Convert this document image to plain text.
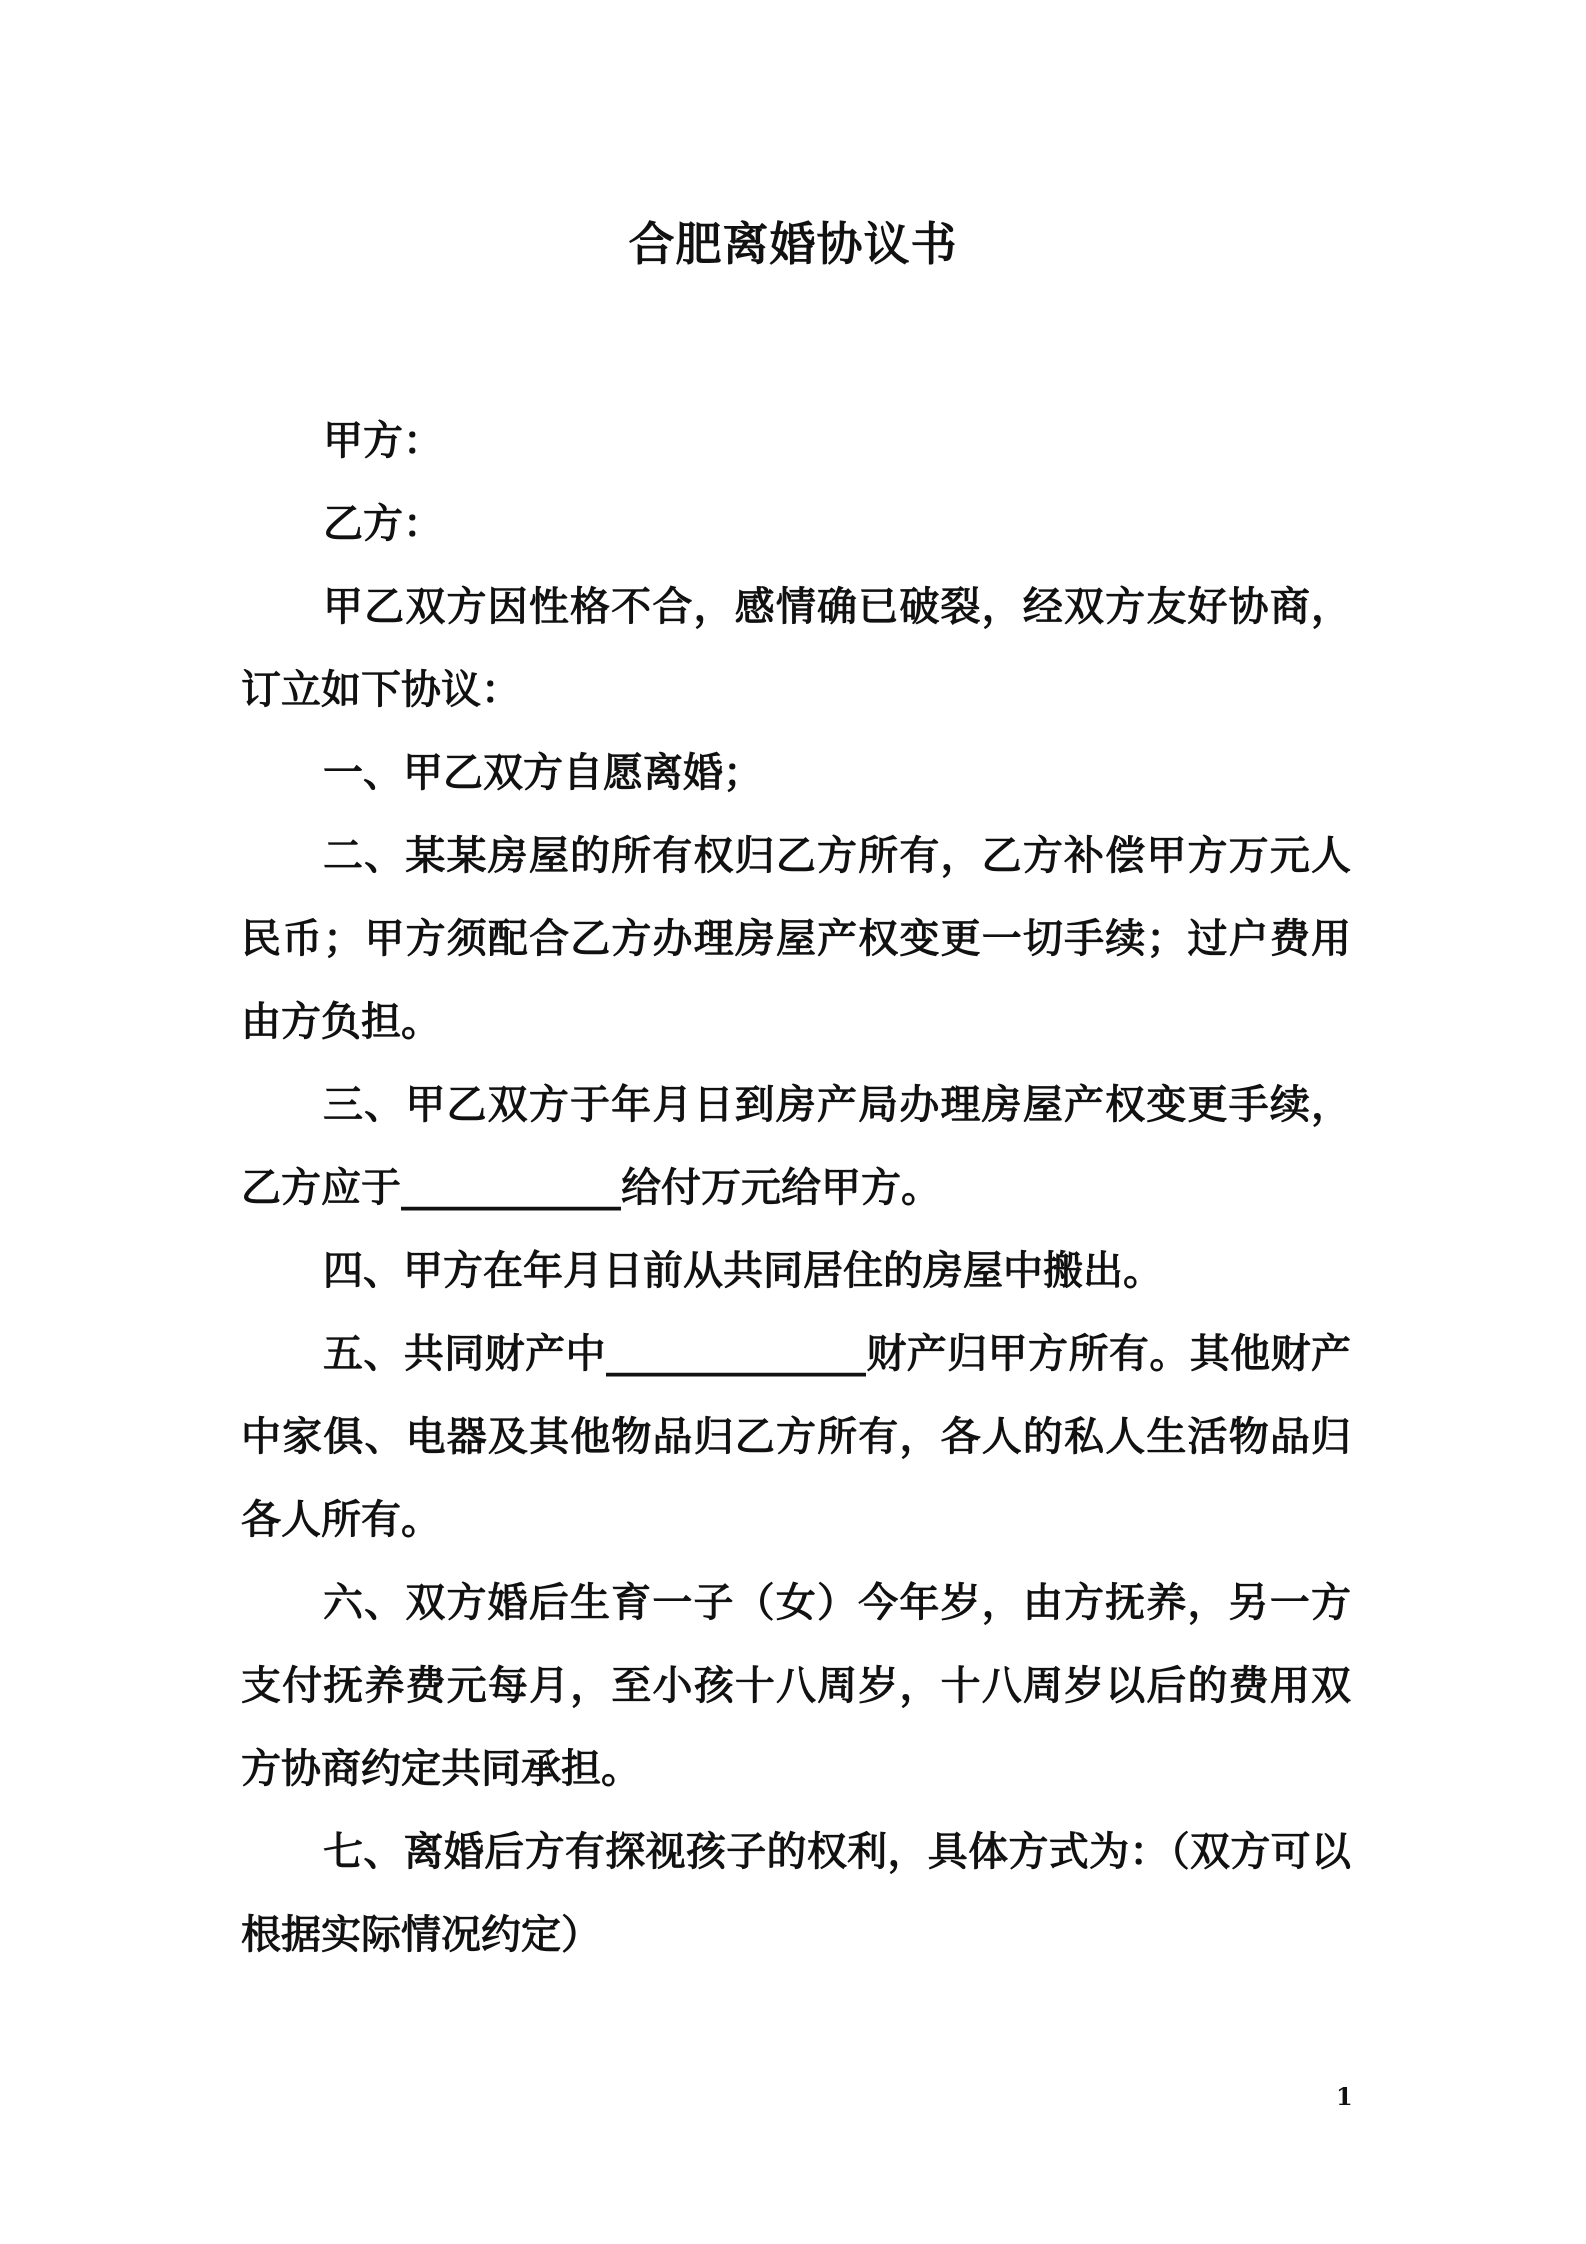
合肥离婚协议书

甲方：

乙方：

甲乙双方因性格不合，感情确已破裂，经双方友好协商，订立如下协议：

一、甲乙双方自愿离婚；

二、某某房屋的所有权归乙方所有，乙方补偿甲方万元人民币；甲方须配合乙方办理房屋产权变更一切手续；过户费用由方负担。

三、甲乙双方于年月日到房产局办理房屋产权变更手续，乙方应于___________给付万元给甲方。

四、甲方在年月日前从共同居住的房屋中搬出。

五、共同财产中_____________财产归甲方所有。其他财产中家俱、电器及其他物品归乙方所有，各人的私人生活物品归各人所有。

六、双方婚后生育一子（女）今年岁，由方抚养，另一方支付抚养费元每月，至小孩十八周岁，十八周岁以后的费用双方协商约定共同承担。

七、离婚后方有探视孩子的权利，具体方式为：（双方可以根据实际情况约定）

1
